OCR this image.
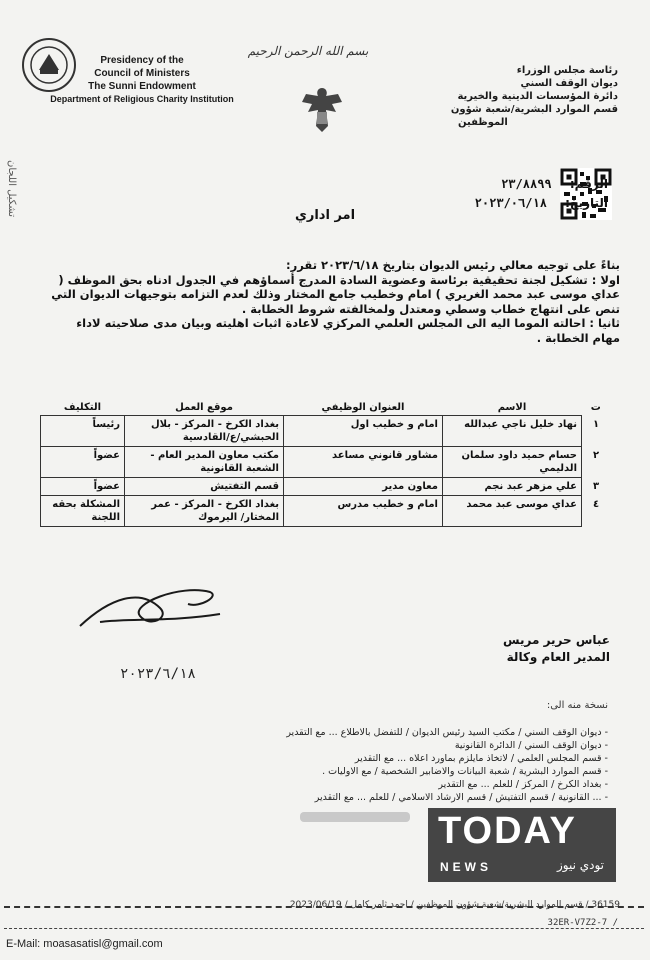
Presidency of the
Council of Ministers
The Sunni Endowment
Department of Religious Charity Institution
بسم الله الرحمن الرحيم
رئاسة مجلس الوزراء
ديوان الوقف السني
دائرة المؤسسات الدينية والخيرية
قسم الموارد البشرية/شعبة شؤون
الموظفين
تشكيل اللجان	الرقم: ٢٣/٨٨٩٩
التاريخ: ٢٠٢٣/٠٦/١٨
امر اداري

بناءً على توجيه معالي رئيس الديوان بتاريخ ٢٠٢٣/٦/١٨ تقرر:

اولا : تشكيل لجنة تحقيقية برئاسة وعضوية السادة المدرج أسماؤهم في الجدول ادناه بحق الموظف ( عداي موسى عبد محمد الغريري ) امام وخطيب جامع المختار وذلك لعدم التزامه بتوجيهات الديوان التي تنص على انتهاج خطاب وسطي ومعتدل ولمخالفته شروط الخطابة .

ثانيا : احالته الموما اليه الى المجلس العلمي المركزي لاعادة اثبات اهليته وبيان مدى صلاحيته لاداء مهام الخطابة .

ت	الاسم	العنوان الوظيفي	موقع العمل	التكليف
١	نهاد خليل ناجي عبدالله	امام و خطيب اول	بغداد الكرخ - المركز - بلال الحبشي/ع/القادسية	رئيساً
٢	حسام حميد داود سلمان الدليمي	مشاور قانوني مساعد	مكتب معاون المدير العام - الشعبة القانونية	عضواً
٣	علي مزهر عبد نجم	معاون مدير	قسم التفتيش	عضواً
٤	عداي موسى عبد محمد	امام و خطيب مدرس	بغداد الكرخ - المركز - عمر المختار/ اليرموك	المشكلة بحقه اللجنة
عباس حرير مريس
المدير العام وكالة
٢٠٢٣/٦/١٨
نسخة منه الى:
- ديوان الوقف السني / مكتب السيد رئيس الديوان / للتفضل بالاطلاع ... مع التقدير
- ديوان الوقف السني / الدائرة القانونية
- قسم المجلس العلمي / لاتخاذ مايلزم بماورد اعلاه ... مع التقدير
- قسم الموارد البشرية / شعبة البيانات والاضابير الشخصية / مع الاوليات .
- بغداد الكرخ / المركز / للعلم ... مع التقدير
- ... القانونية / قسم التفتيش / قسم الارشاد الاسلامي / للعلم ... مع التقدير
TODAY
NEWS	تودي نيوز
36159 / قسم الموارد البشرية/شعبة شؤون الموظفين / احمد ثامر كامل / 2023/06/19
32ER-V7Z2-7 /
E-Mail: moasasatisl@gmail.com
